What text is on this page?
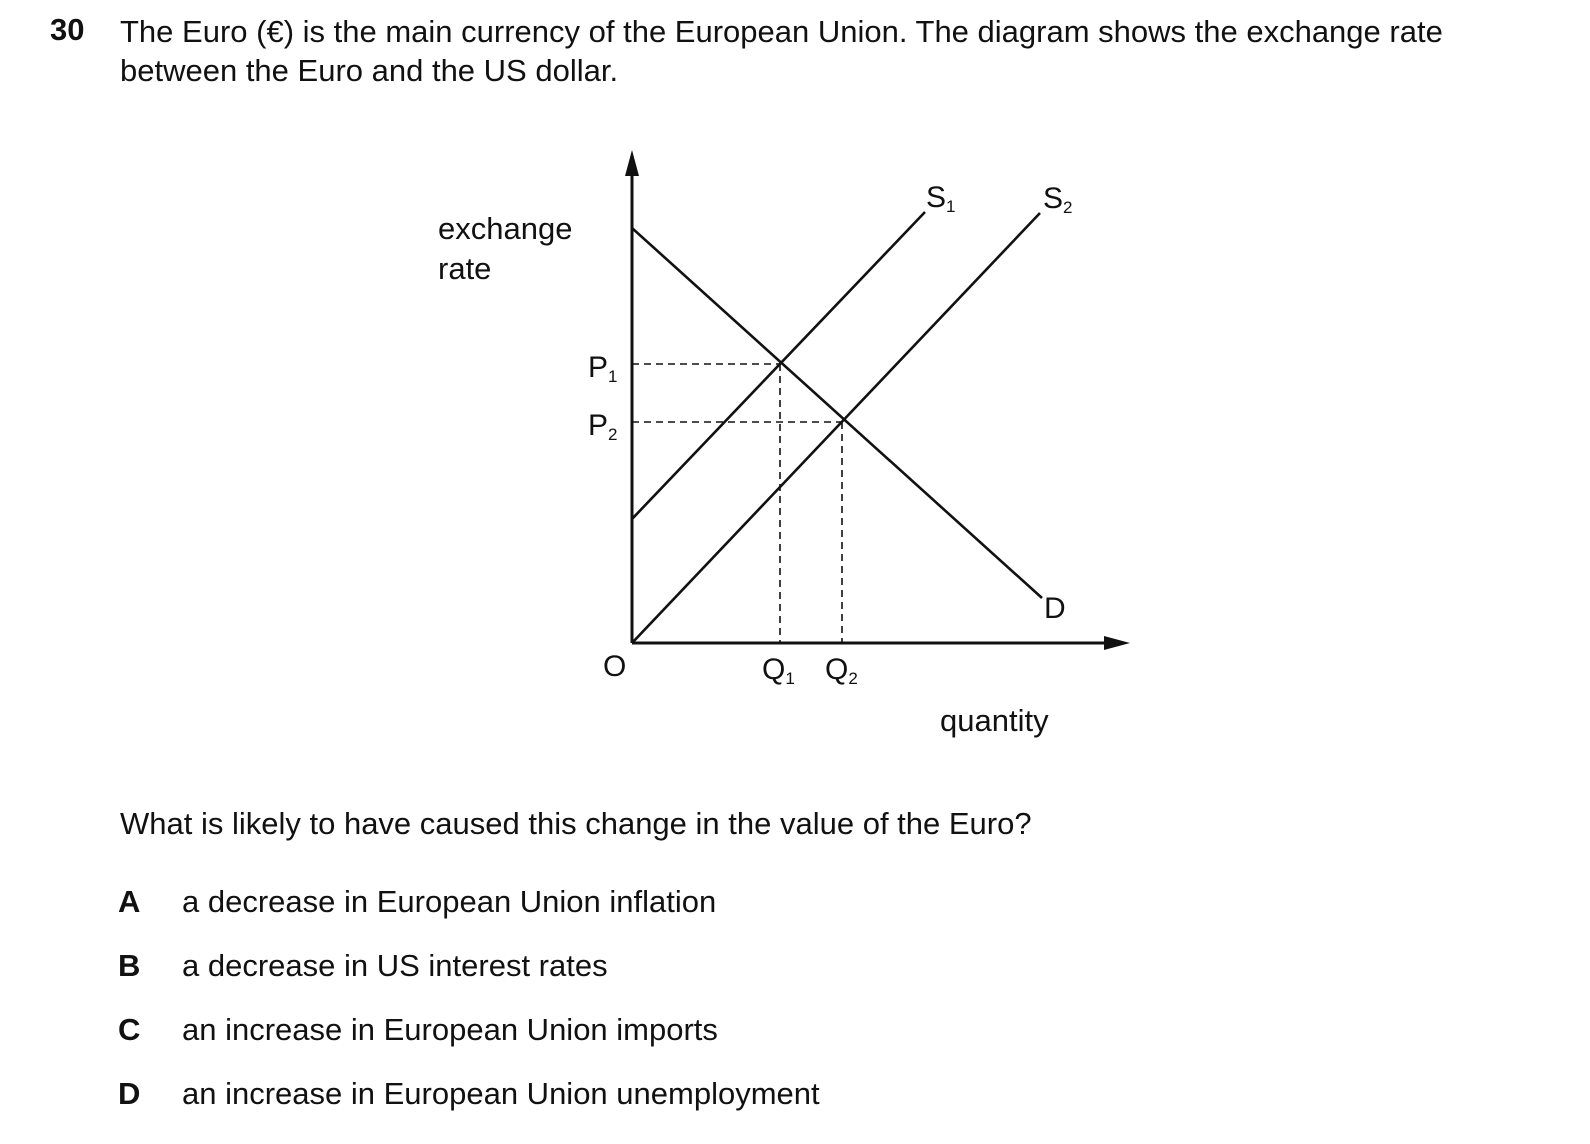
30 The Euro (€) is the main currency of the European Union. The diagram shows the exchange rate
between the Euro and the US dollar.
exchange
rate
quantity
O
P1
P2
Q1 Q2
S1	S2
D
What is likely to have caused this change in the value of the Euro?
A a decrease in European Union inflation
B a decrease in US interest rates
C an increase in European Union imports
D an increase in European Union unemployment
